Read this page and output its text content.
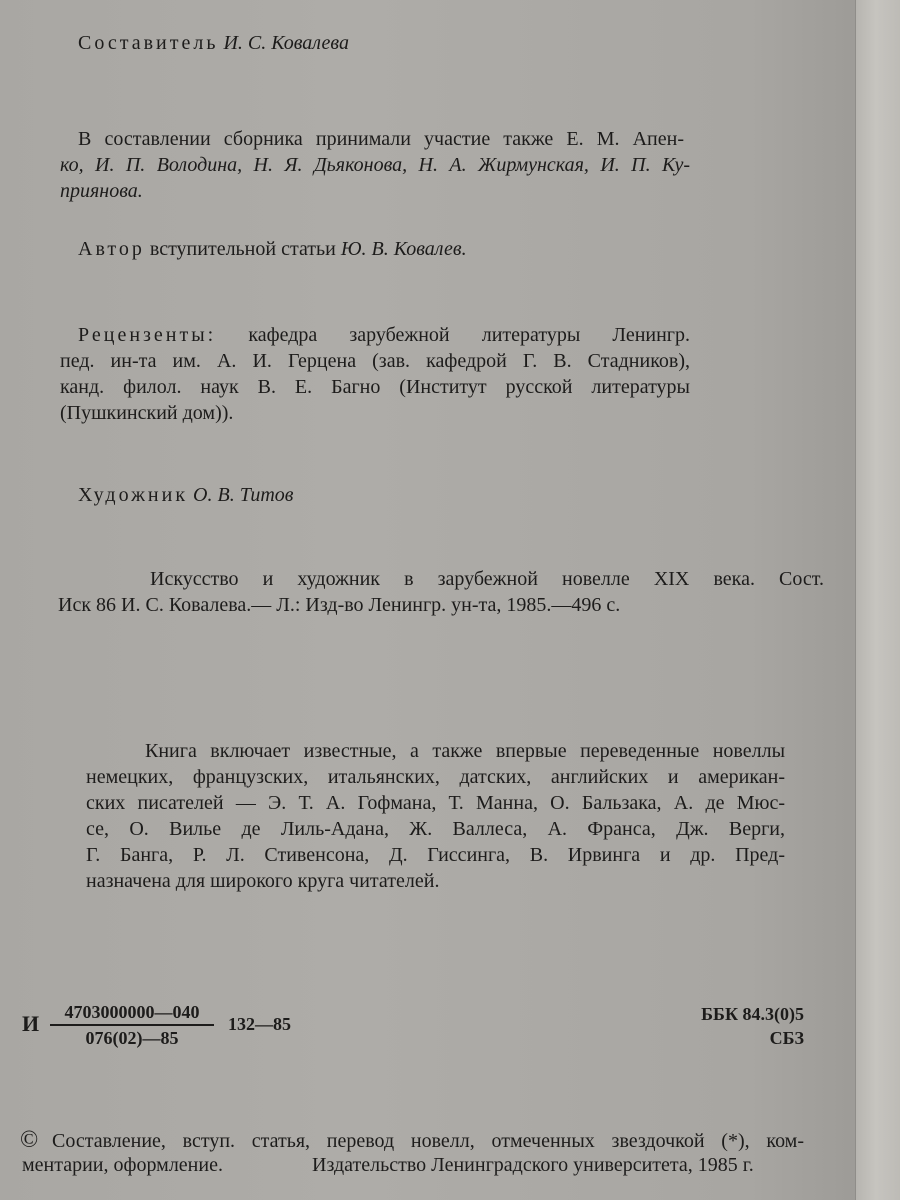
Составитель И. С. Ковалева
В составлении сборника принимали участие также Е. М. Апен-
ко, И. П. Володина, Н. Я. Дьяконова, Н. А. Жирмунская, И. П. Ку-
приянова.
Автор вступительной статьи Ю. В. Ковалев.
Рецензенты: кафедра зарубежной литературы Ленингр.
пед. ин-та им. А. И. Герцена (зав. кафедрой Г. В. Стадников),
канд. филол. наук В. Е. Багно (Институт русской литературы
(Пушкинский дом)).
Художник О. В. Титов
Искусство и художник в зарубежной новелле XIX века. Сост.
Иск 86 И. С. Ковалева.— Л.: Изд-во Ленингр. ун-та, 1985.—496 с.
Книга включает известные, а также впервые переведенные новеллы
немецких, французских, итальянских, датских, английских и американ-
ских писателей — Э. Т. А. Гофмана, Т. Манна, О. Бальзака, А. де Мюс-
се, О. Вилье де Лиль-Адана, Ж. Валлеса, А. Франса, Дж. Верги,
Г. Банга, Р. Л. Стивенсона, Д. Гиссинга, В. Ирвинга и др. Пред-
назначена для широкого круга читателей.
И	4703000000—040
076(02)—85
132—85	ББК 84.3(0)5
СБЗ
© Составление, вступ. статья, перевод новелл, отмеченных звездочкой (*), ком-
ментарии, оформление.	Издательство Ленинградского университета, 1985 г.
